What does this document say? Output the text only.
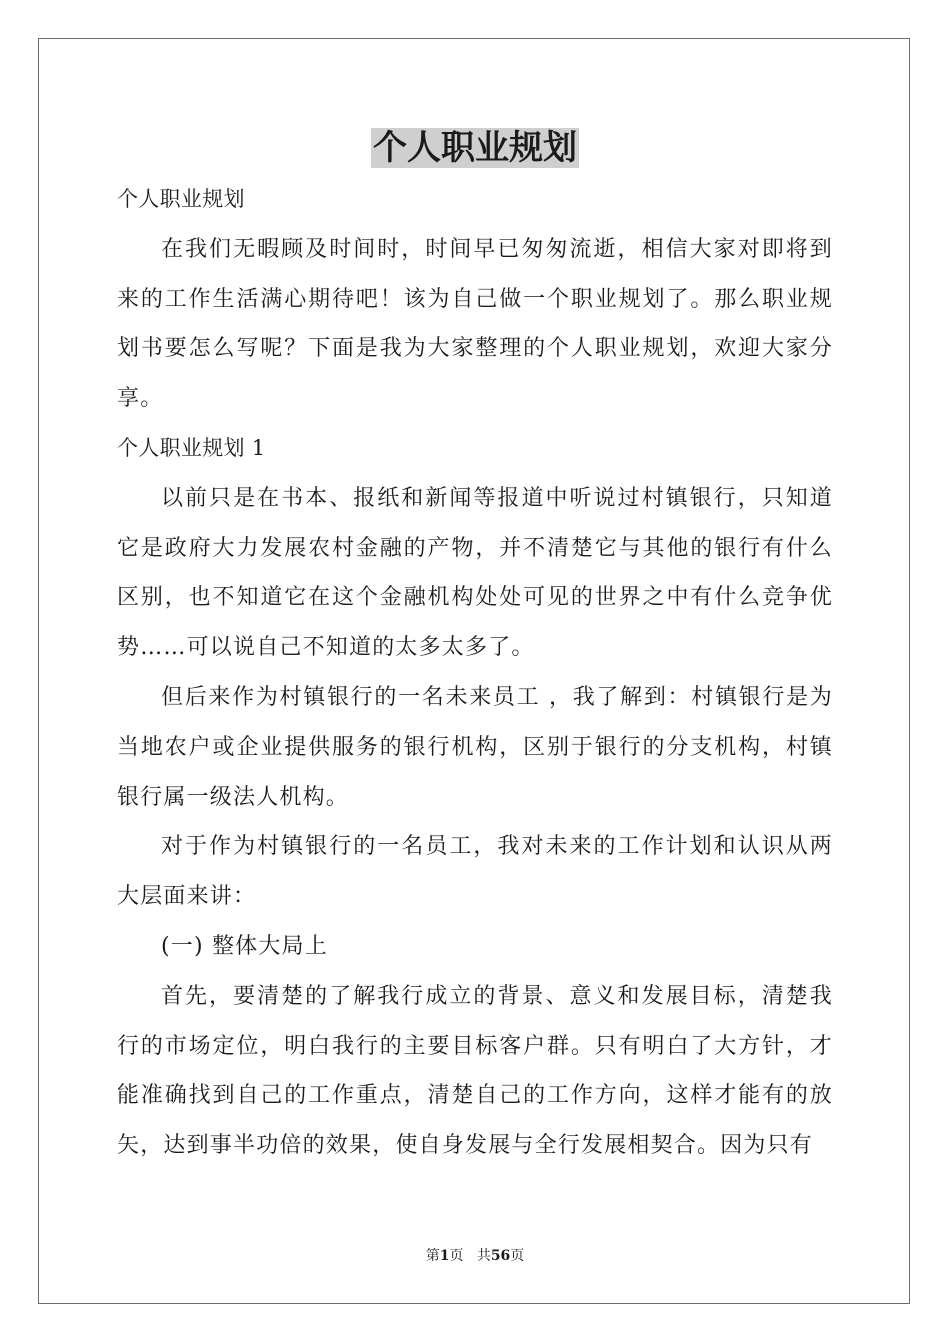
个人职业规划

个人职业规划

在我们无暇顾及时间时，时间早已匆匆流逝，相信大家对即将到来的工作生活满心期待吧！该为自己做一个职业规划了。那么职业规划书要怎么写呢？下面是我为大家整理的个人职业规划，欢迎大家分享。

个人职业规划 1

以前只是在书本、报纸和新闻等报道中听说过村镇银行，只知道它是政府大力发展农村金融的产物，并不清楚它与其他的银行有什么区别，也不知道它在这个金融机构处处可见的世界之中有什么竞争优势……可以说自己不知道的太多太多了。

但后来作为村镇银行的一名未来员工 ，我了解到：村镇银行是为当地农户或企业提供服务的银行机构，区别于银行的分支机构，村镇银行属一级法人机构。

对于作为村镇银行的一名员工，我对未来的工作计划和认识从两大层面来讲：

(一) 整体大局上

首先，要清楚的了解我行成立的背景、意义和发展目标，清楚我行的市场定位，明白我行的主要目标客户群。只有明白了大方针，才能准确找到自己的工作重点，清楚自己的工作方向，这样才能有的放矢，达到事半功倍的效果，使自身发展与全行发展相契合。因为只有

第1页 共56页
